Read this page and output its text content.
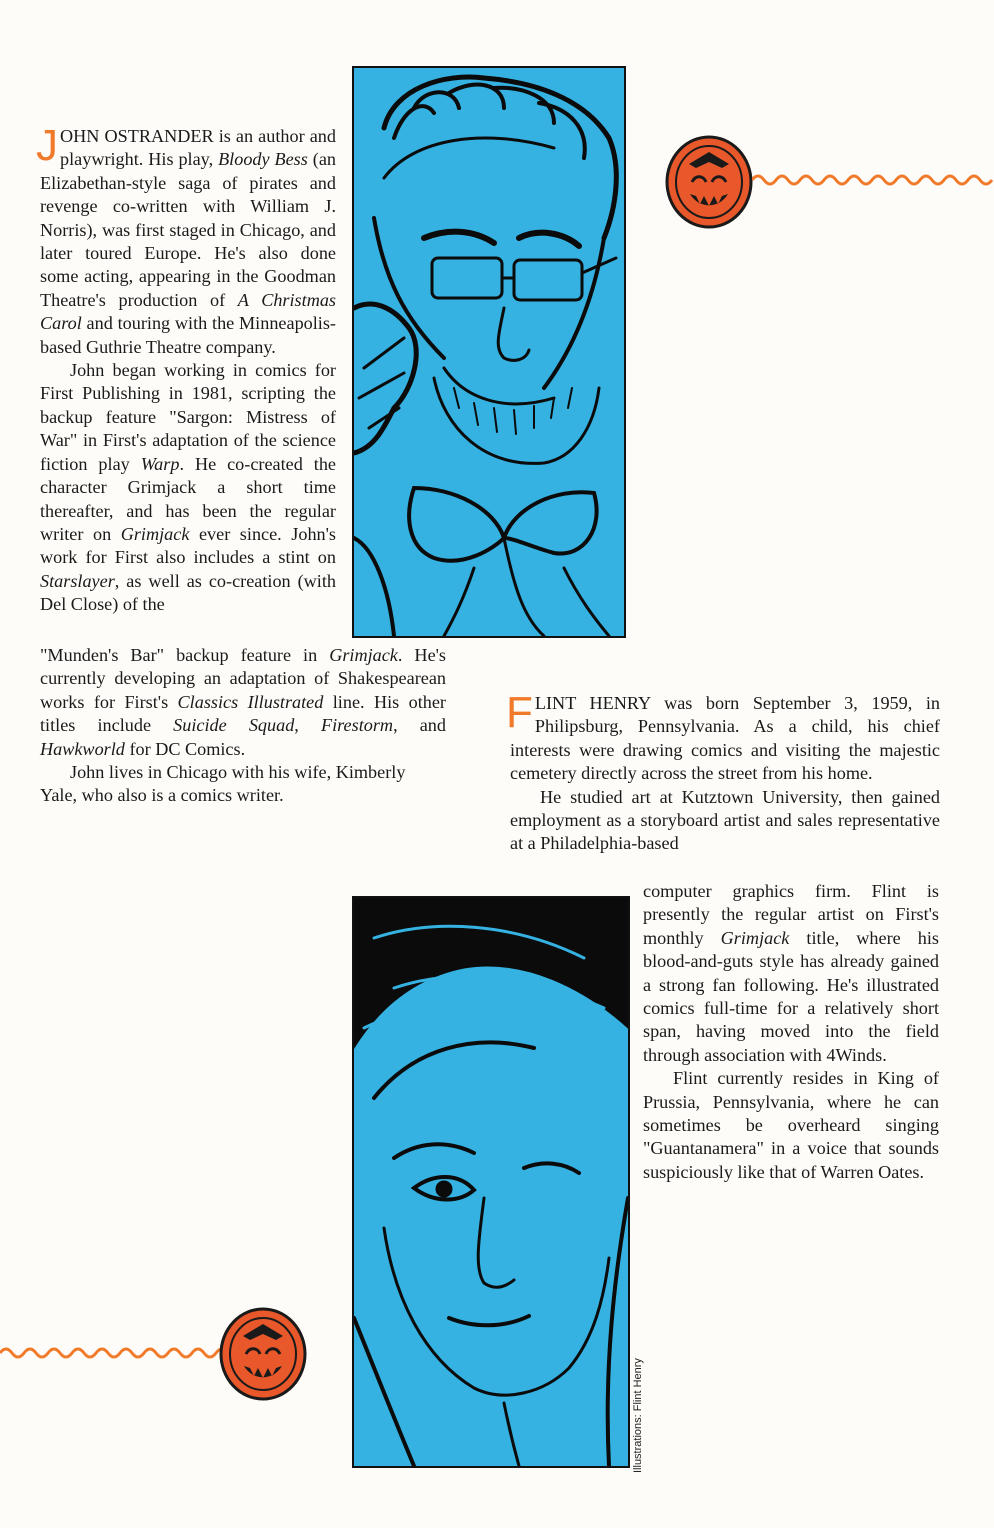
JOHN OSTRANDER is an author and playwright. His play, Bloody Bess (an Elizabethan-style saga of pirates and revenge co-written with William J. Norris), was first staged in Chicago, and later toured Europe. He's also done some acting, appearing in the Goodman Theatre's production of A Christmas Carol and touring with the Minneapolis-based Guthrie Theatre company.

John began working in comics for First Publishing in 1981, scripting the backup feature "Sargon: Mistress of War" in First's adaptation of the science fiction play Warp. He co-created the character Grimjack a short time thereafter, and has been the regular writer on Grimjack ever since. John's work for First also includes a stint on Starslayer, as well as co-creation (with Del Close) of the

"Munden's Bar" backup feature in Grimjack. He's currently developing an adaptation of Shakespearean works for First's Classics Illustrated line. His other titles include Suicide Squad, Firestorm, and Hawkworld for DC Comics.

John lives in Chicago with his wife, Kimberly Yale, who also is a comics writer.

FLINT HENRY was born September 3, 1959, in Philipsburg, Pennsylvania. As a child, his chief interests were drawing comics and visiting the majestic cemetery directly across the street from his home.

He studied art at Kutztown University, then gained employment as a storyboard artist and sales representative at a Philadelphia-based

computer graphics firm. Flint is presently the regular artist on First's monthly Grimjack title, where his blood-and-guts style has already gained a strong fan following. He's illustrated comics full-time for a relatively short span, having moved into the field through association with 4Winds.

Flint currently resides in King of Prussia, Pennsylvania, where he can sometimes be overheard singing "Guantanamera" in a voice that sounds suspiciously like that of Warren Oates.

Illustrations: Flint Henry
